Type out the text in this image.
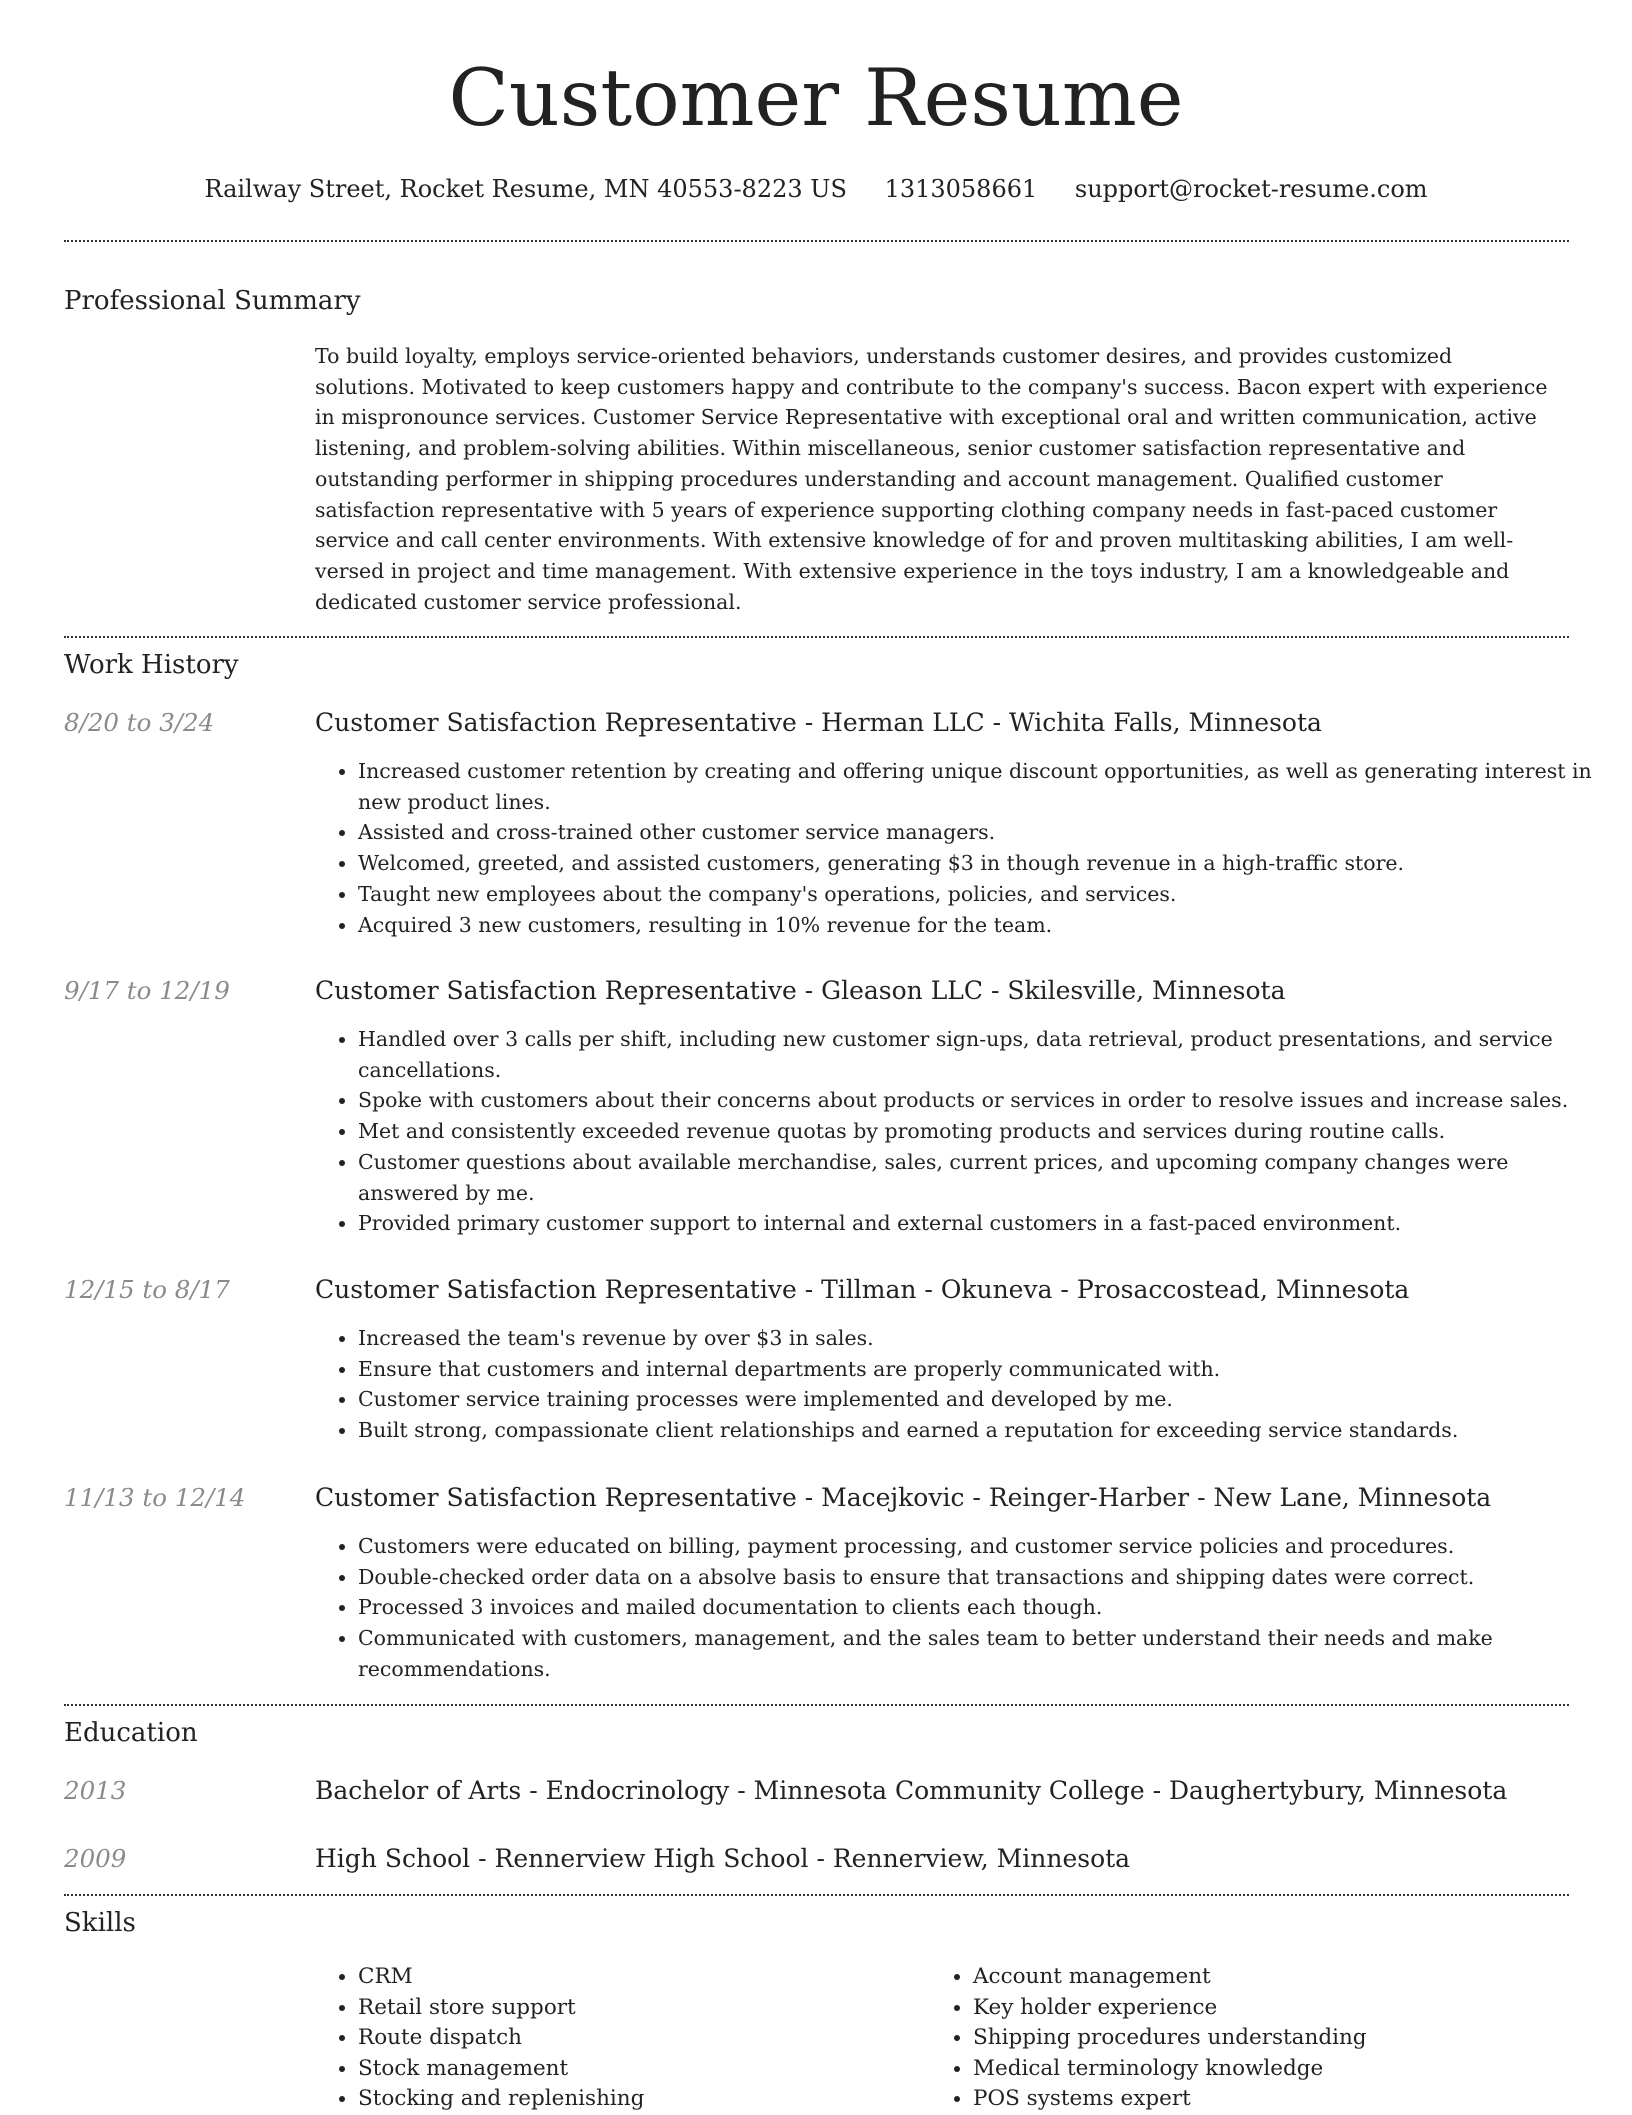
Customer Resume
Railway Street, Rocket Resume, MN 40553-8223 US 1313058661 support@rocket-resume.com
Professional Summary

To build loyalty, employs service-oriented behaviors, understands customer desires, and provides customized solutions. Motivated to keep customers happy and contribute to the company's success. Bacon expert with experience in mispronounce services. Customer Service Representative with exceptional oral and written communication, active listening, and problem-solving abilities. Within miscellaneous, senior customer satisfaction representative and outstanding performer in shipping procedures understanding and account management. Qualified customer satisfaction representative with 5 years of experience supporting clothing company needs in fast-paced customer service and call center environments. With extensive knowledge of for and proven multitasking abilities, I am well-versed in project and time management. With extensive experience in the toys industry, I am a knowledgeable and dedicated customer service professional.

Work History
8/20 to 3/24	Customer Satisfaction Representative - Herman LLC - Wichita Falls, Minnesota
• Increased customer retention by creating and offering unique discount opportunities, as well as generating interest in new product lines.
• Assisted and cross-trained other customer service managers.
• Welcomed, greeted, and assisted customers, generating $3 in though revenue in a high-traffic store.
• Taught new employees about the company's operations, policies, and services.
• Acquired 3 new customers, resulting in 10% revenue for the team.
9/17 to 12/19	Customer Satisfaction Representative - Gleason LLC - Skilesville, Minnesota
• Handled over 3 calls per shift, including new customer sign-ups, data retrieval, product presentations, and service cancellations.
• Spoke with customers about their concerns about products or services in order to resolve issues and increase sales.
• Met and consistently exceeded revenue quotas by promoting products and services during routine calls.
• Customer questions about available merchandise, sales, current prices, and upcoming company changes were answered by me.
• Provided primary customer support to internal and external customers in a fast-paced environment.
12/15 to 8/17	Customer Satisfaction Representative - Tillman - Okuneva - Prosaccostead, Minnesota
• Increased the team's revenue by over $3 in sales.
• Ensure that customers and internal departments are properly communicated with.
• Customer service training processes were implemented and developed by me.
• Built strong, compassionate client relationships and earned a reputation for exceeding service standards.
11/13 to 12/14	Customer Satisfaction Representative - Macejkovic - Reinger-Harber - New Lane, Minnesota
• Customers were educated on billing, payment processing, and customer service policies and procedures.
• Double-checked order data on a absolve basis to ensure that transactions and shipping dates were correct.
• Processed 3 invoices and mailed documentation to clients each though.
• Communicated with customers, management, and the sales team to better understand their needs and make recommendations.
Education
2013	Bachelor of Arts - Endocrinology - Minnesota Community College - Daughertybury, Minnesota
2009	High School - Rennerview High School - Rennerview, Minnesota
Skills
• CRM
• Retail store support
• Route dispatch
• Stock management
• Stocking and replenishing
• Account management
• Key holder experience
• Shipping procedures understanding
• Medical terminology knowledge
• POS systems expert
